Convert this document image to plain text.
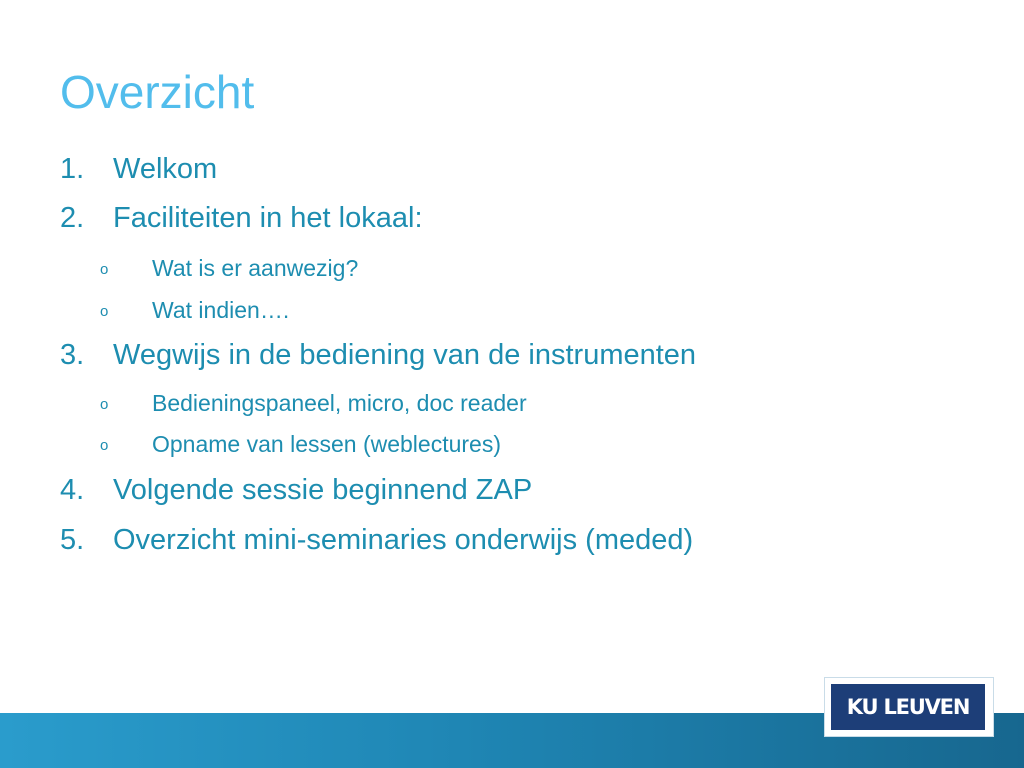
Overzicht
1. Welkom
2. Faciliteiten in het lokaal:
o Wat is er aanwezig?
o Wat indien….
3. Wegwijs in de bediening van de instrumenten
o Bedieningspaneel, micro, doc reader
o Opname van lessen (weblectures)
4. Volgende sessie beginnend ZAP
5. Overzicht mini-seminaries onderwijs (meded)
KU LEUVEN
